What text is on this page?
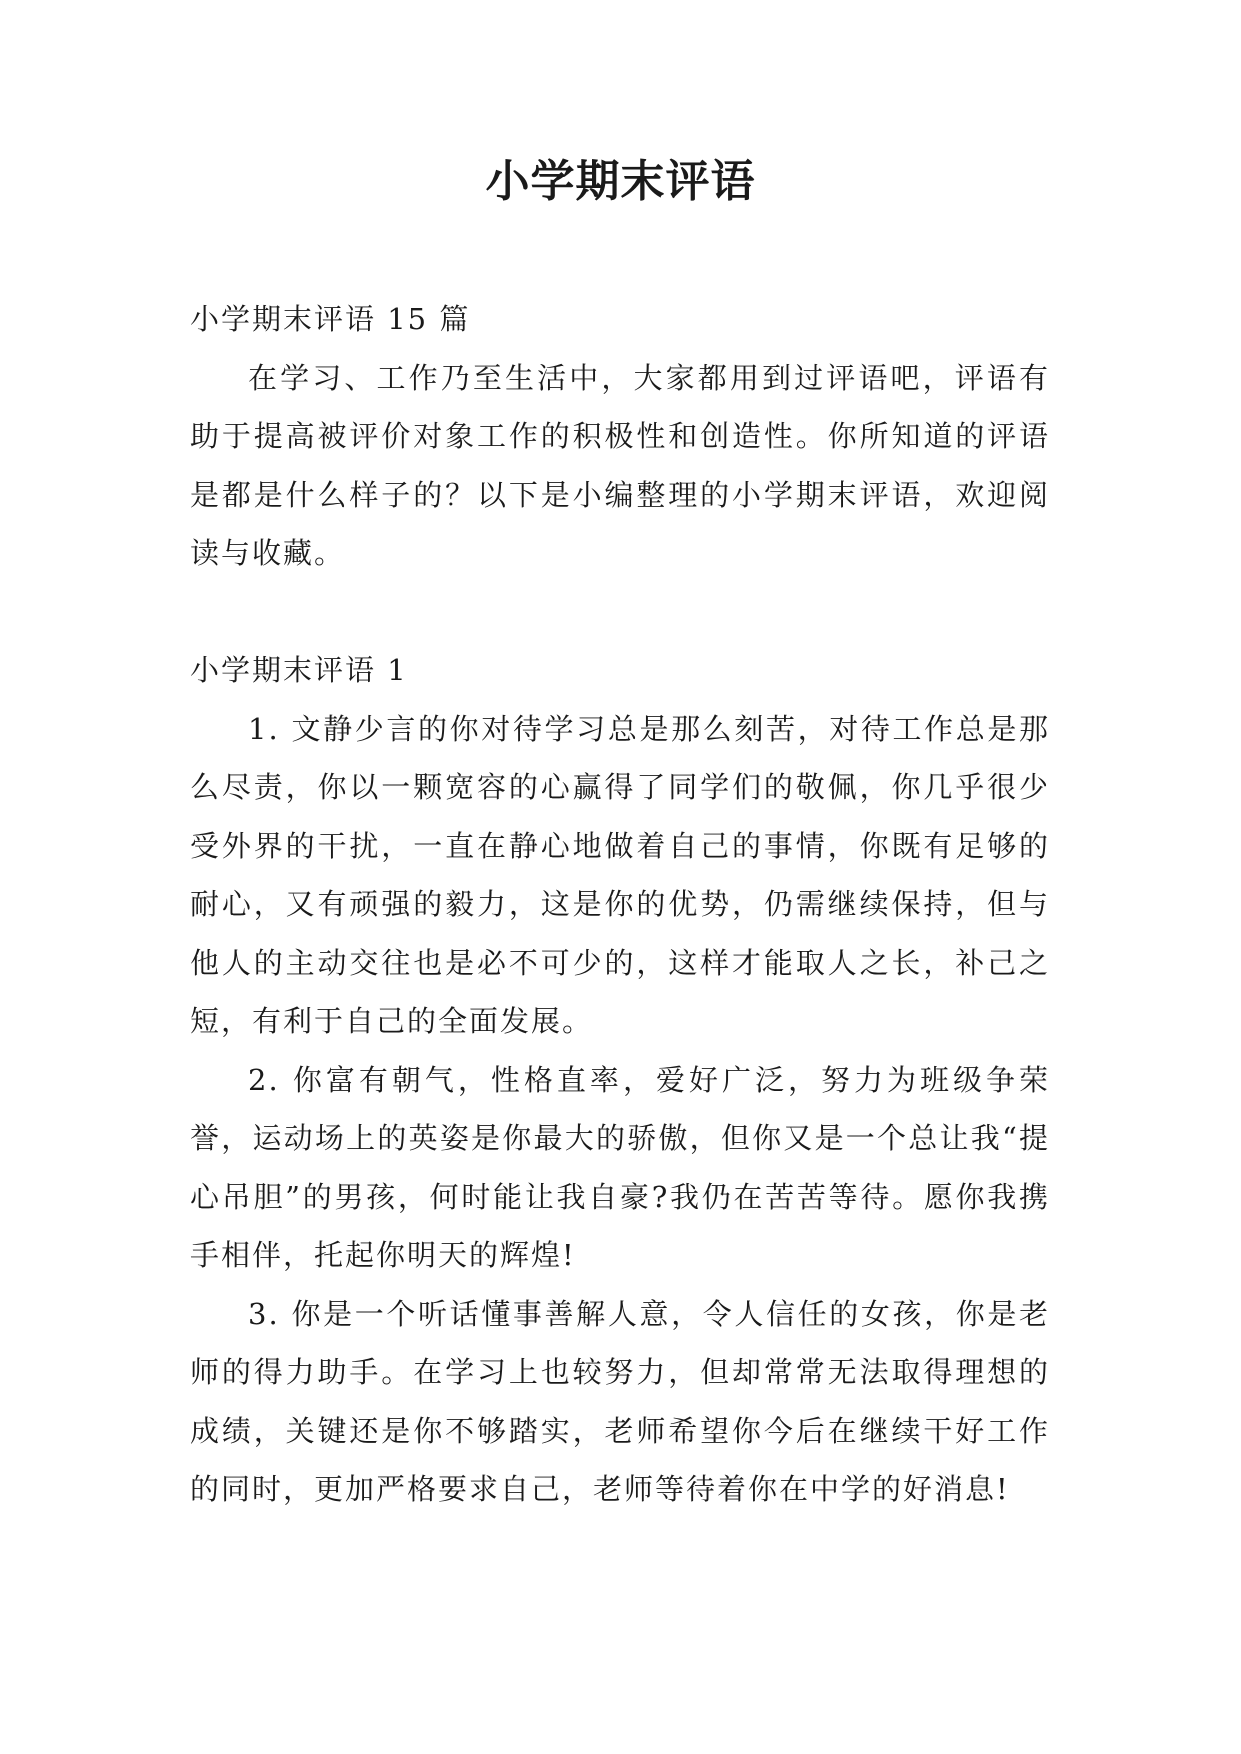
小学期末评语

小学期末评语 15 篇

在学习、工作乃至生活中，大家都用到过评语吧，评语有助于提高被评价对象工作的积极性和创造性。你所知道的评语是都是什么样子的？以下是小编整理的小学期末评语，欢迎阅读与收藏。

小学期末评语 1

1. 文静少言的你对待学习总是那么刻苦，对待工作总是那么尽责，你以一颗宽容的心赢得了同学们的敬佩，你几乎很少受外界的干扰，一直在静心地做着自己的事情，你既有足够的耐心，又有顽强的毅力，这是你的优势，仍需继续保持，但与他人的主动交往也是必不可少的，这样才能取人之长，补己之短，有利于自己的全面发展。

2. 你富有朝气，性格直率，爱好广泛，努力为班级争荣誉，运动场上的英姿是你最大的骄傲，但你又是一个总让我“提心吊胆”的男孩，何时能让我自豪?我仍在苦苦等待。愿你我携手相伴，托起你明天的辉煌!

3. 你是一个听话懂事善解人意，令人信任的女孩，你是老师的得力助手。在学习上也较努力，但却常常无法取得理想的成绩，关键还是你不够踏实，老师希望你今后在继续干好工作的同时，更加严格要求自己，老师等待着你在中学的好消息!
